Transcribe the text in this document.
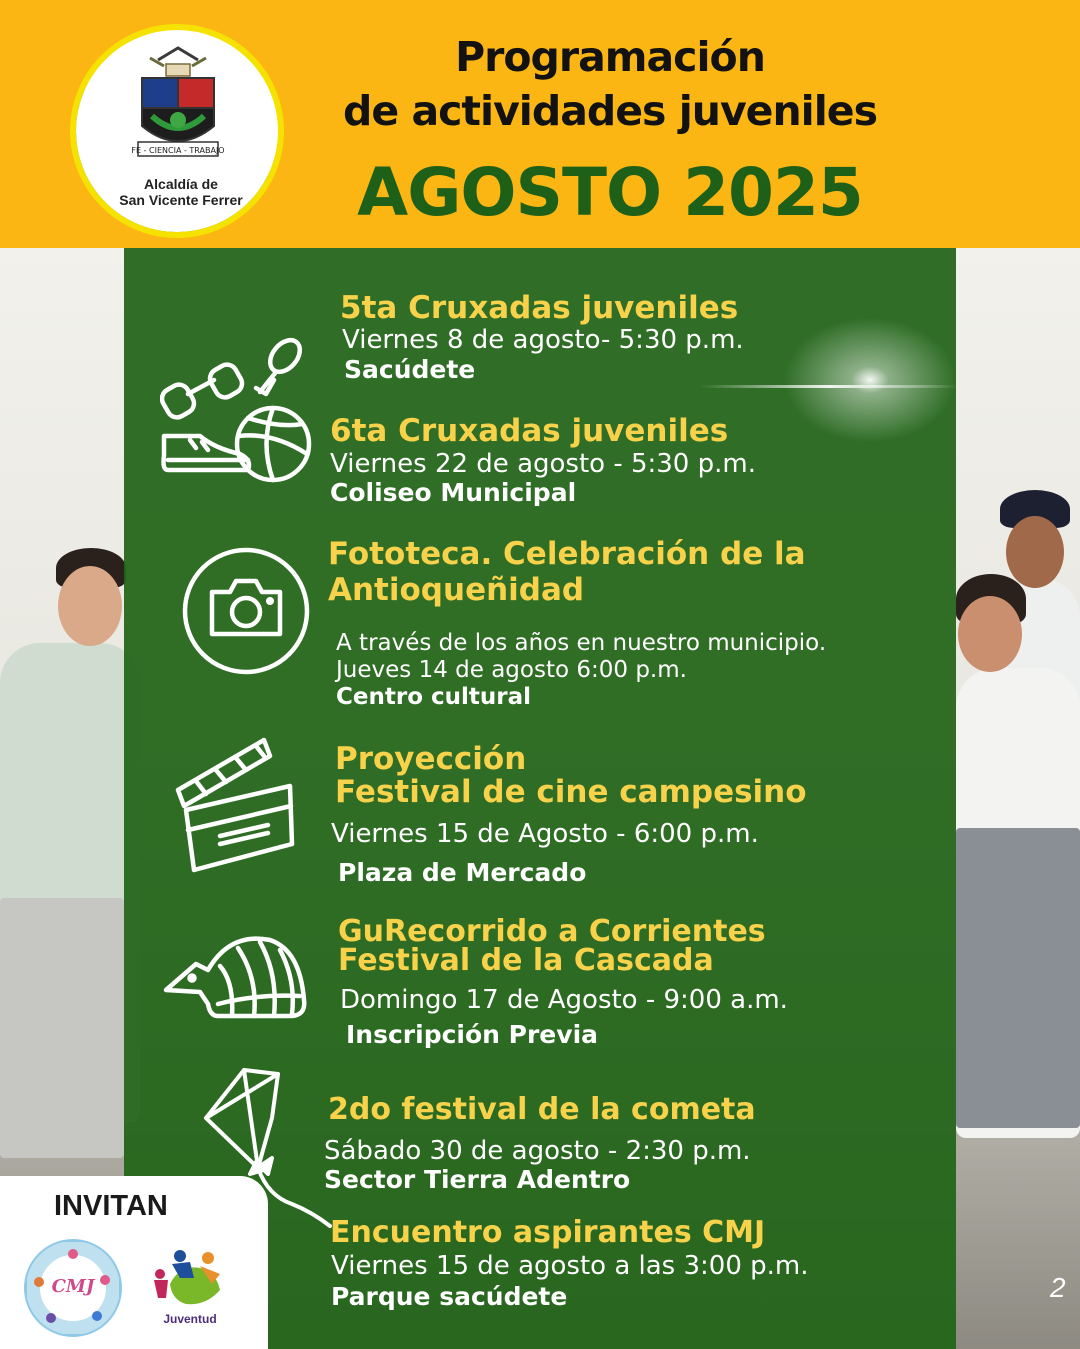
FE - CIENCIA - TRABAJO
Alcaldía de
San Vicente Ferrer
Programación
de actividades juveniles
AGOSTO 2025
5ta Cruxadas juveniles
Viernes 8 de agosto- 5:30 p.m.
Sacúdete
6ta Cruxadas juveniles
Viernes 22 de agosto - 5:30 p.m.
Coliseo Municipal
Fototeca. Celebración de la
Antioqueñidad
A través de los años en nuestro municipio.
Jueves 14 de agosto 6:00 p.m.
Centro cultural
Proyección
Festival de cine campesino
Viernes 15 de Agosto - 6:00 p.m.
Plaza de Mercado
GuRecorrido a Corrientes
Festival de la Cascada
Domingo 17 de Agosto - 9:00 a.m.
Inscripción Previa
2do festival de la cometa
Sábado 30 de agosto - 2:30 p.m.
Sector Tierra Adentro
Encuentro aspirantes CMJ
Viernes 15 de agosto a las 3:00 p.m.
Parque sacúdete
INVITAN
CMJ
Juventud
2
